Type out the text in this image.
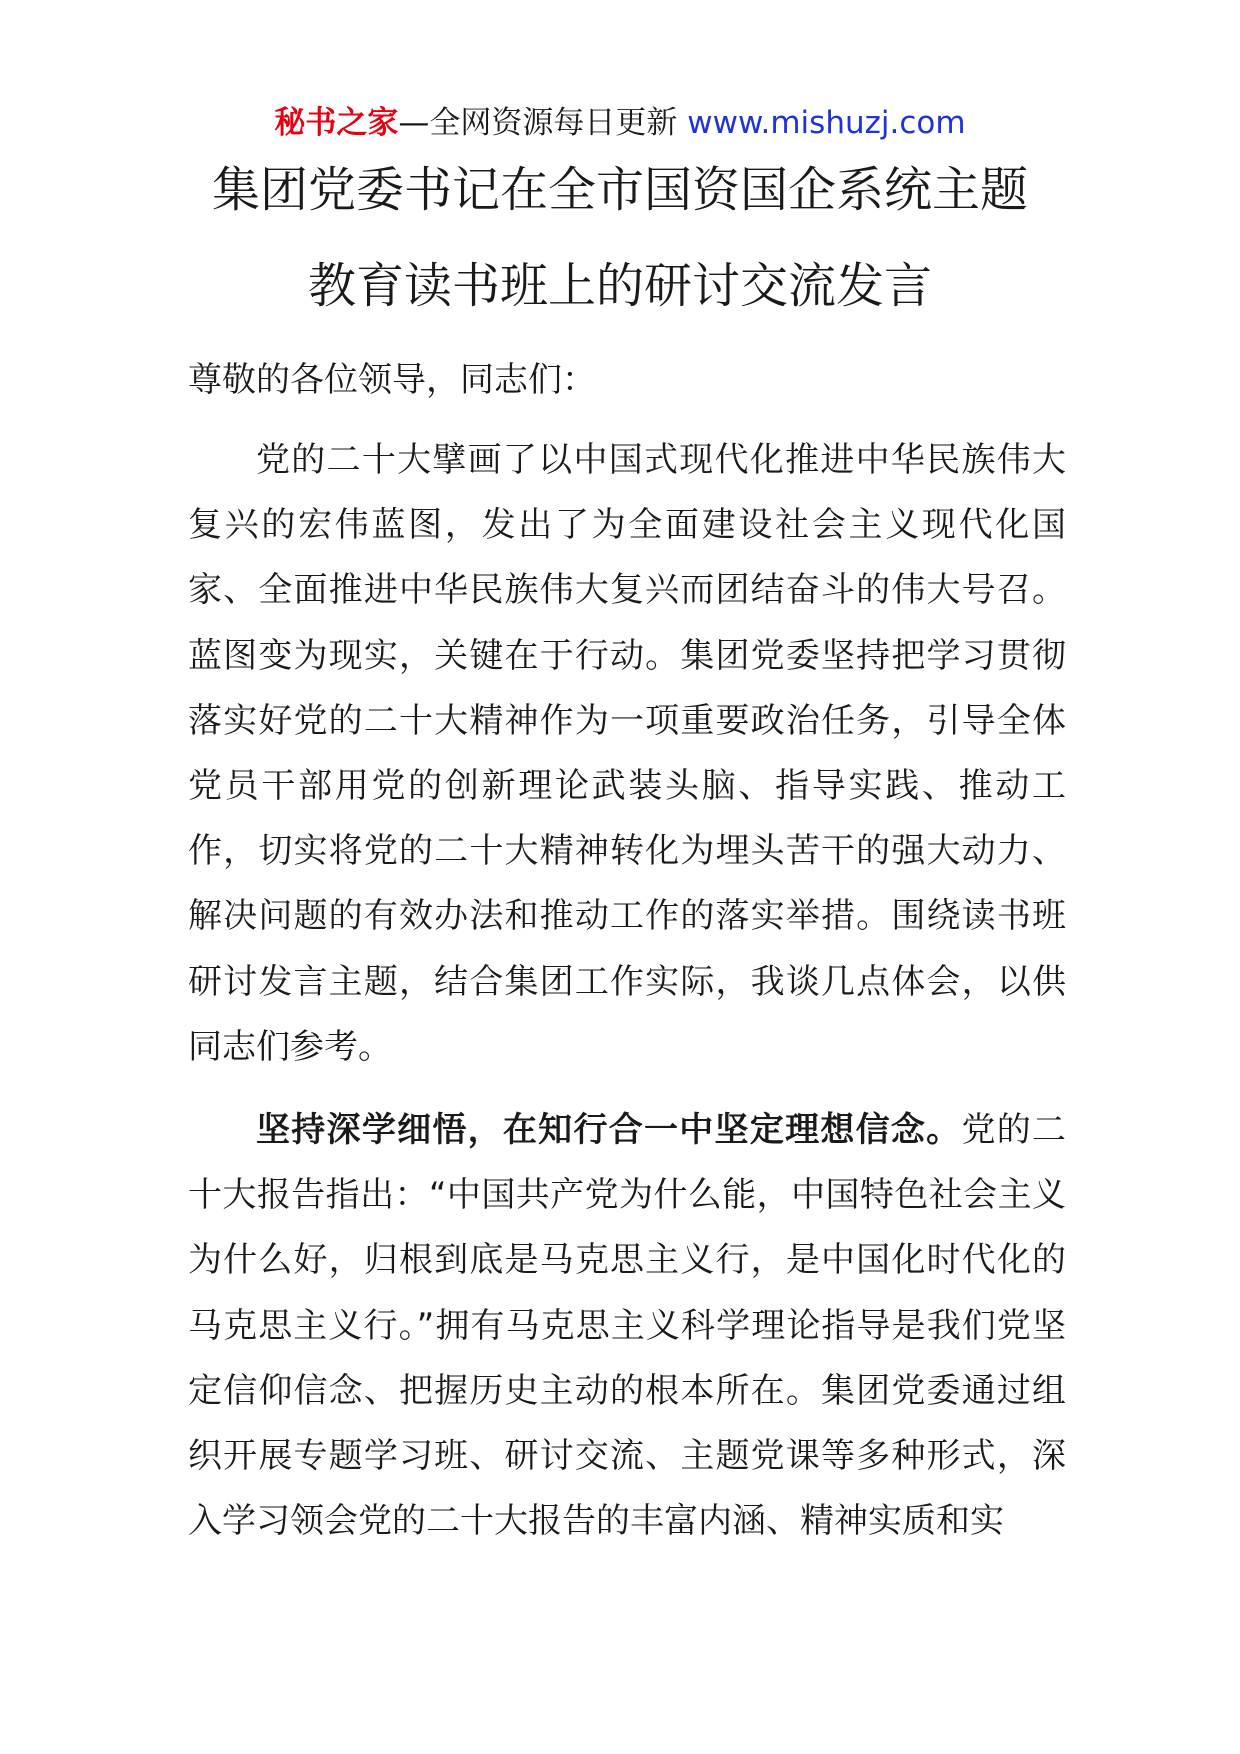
秘书之家—全网资源每日更新 www.mishuzj.com
集团党委书记在全市国资国企系统主题
教育读书班上的研讨交流发言
尊敬的各位领导，同志们：

党的二十大擘画了以中国式现代化推进中华民族伟大复兴的宏伟蓝图，发出了为全面建设社会主义现代化国家、全面推进中华民族伟大复兴而团结奋斗的伟大号召。蓝图变为现实，关键在于行动。集团党委坚持把学习贯彻落实好党的二十大精神作为一项重要政治任务，引导全体党员干部用党的创新理论武装头脑、指导实践、推动工作，切实将党的二十大精神转化为埋头苦干的强大动力、解决问题的有效办法和推动工作的落实举措。围绕读书班研讨发言主题，结合集团工作实际，我谈几点体会，以供同志们参考。

坚持深学细悟，在知行合一中坚定理想信念。党的二十大报告指出：“中国共产党为什么能，中国特色社会主义为什么好，归根到底是马克思主义行，是中国化时代化的马克思主义行。”拥有马克思主义科学理论指导是我们党坚定信仰信念、把握历史主动的根本所在。集团党委通过组织开展专题学习班、研讨交流、主题党课等多种形式，深入学习领会党的二十大报告的丰富内涵、精神实质和实
